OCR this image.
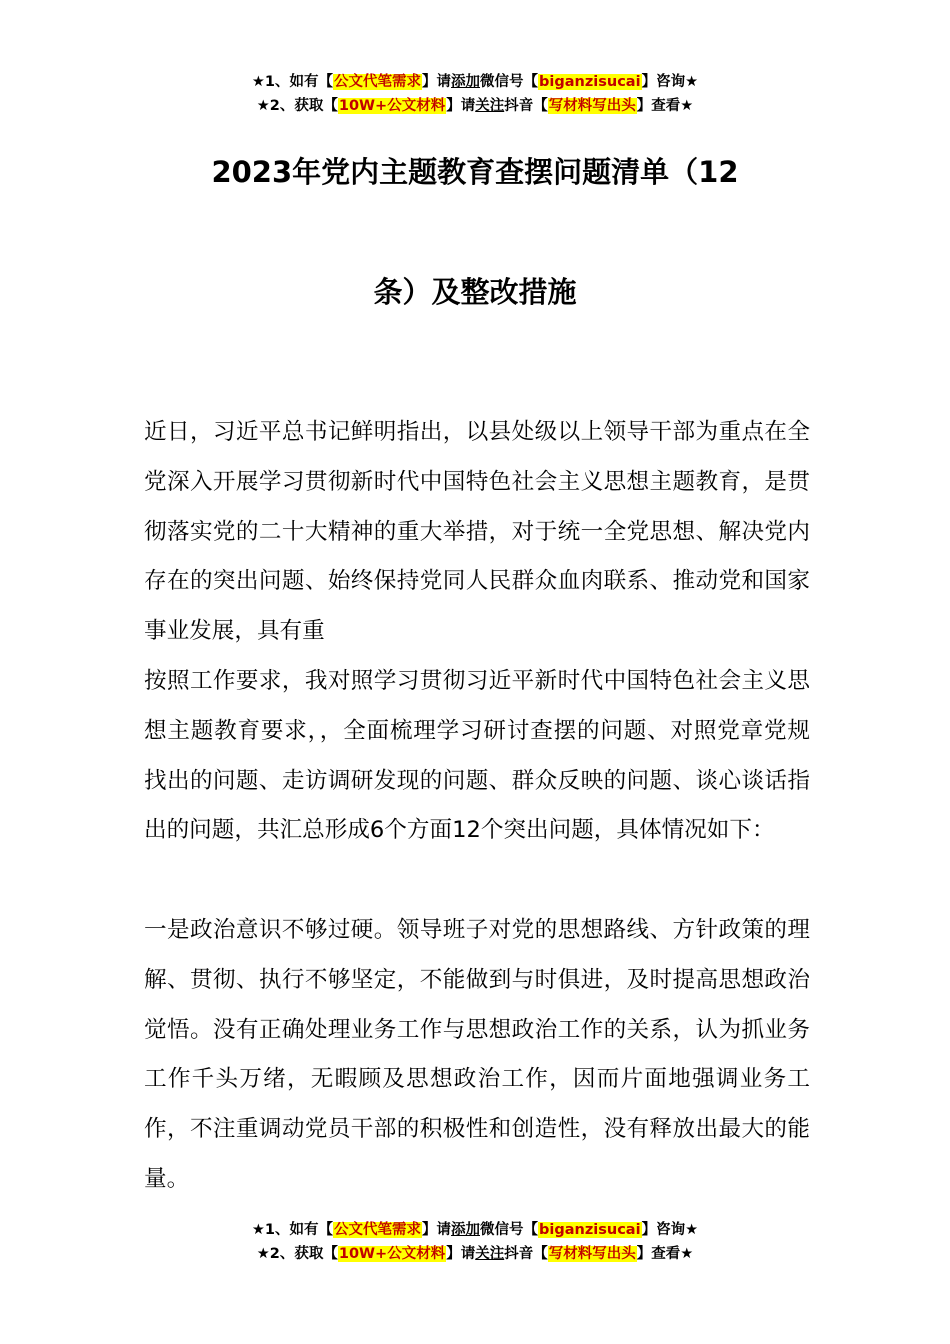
★1、如有【公文代笔需求】请添加微信号【biganzisucai】咨询★
★2、获取【10W+公文材料】请关注抖音【写材料写出头】查看★
2023年党内主题教育查摆问题清单（12
条）及整改措施
近日，习近平总书记鲜明指出，以县处级以上领导干部为重点在全党深入开展学习贯彻新时代中国特色社会主义思想主题教育，是贯彻落实党的二十大精神的重大举措，对于统一全党思想、解决党内存在的突出问题、始终保持党同人民群众血肉联系、推动党和国家事业发展，具有重
按照工作要求，我对照学习贯彻习近平新时代中国特色社会主义思想主题教育要求，，全面梳理学习研讨查摆的问题、对照党章党规找出的问题、走访调研发现的问题、群众反映的问题、谈心谈话指出的问题，共汇总形成6个方面12个突出问题，具体情况如下：
一是政治意识不够过硬。领导班子对党的思想路线、方针政策的理解、贯彻、执行不够坚定，不能做到与时俱进，及时提高思想政治觉悟。没有正确处理业务工作与思想政治工作的关系，认为抓业务工作千头万绪，无暇顾及思想政治工作，因而片面地强调业务工作，不注重调动党员干部的积极性和创造性，没有释放出最大的能量。
★1、如有【公文代笔需求】请添加微信号【biganzisucai】咨询★
★2、获取【10W+公文材料】请关注抖音【写材料写出头】查看★
